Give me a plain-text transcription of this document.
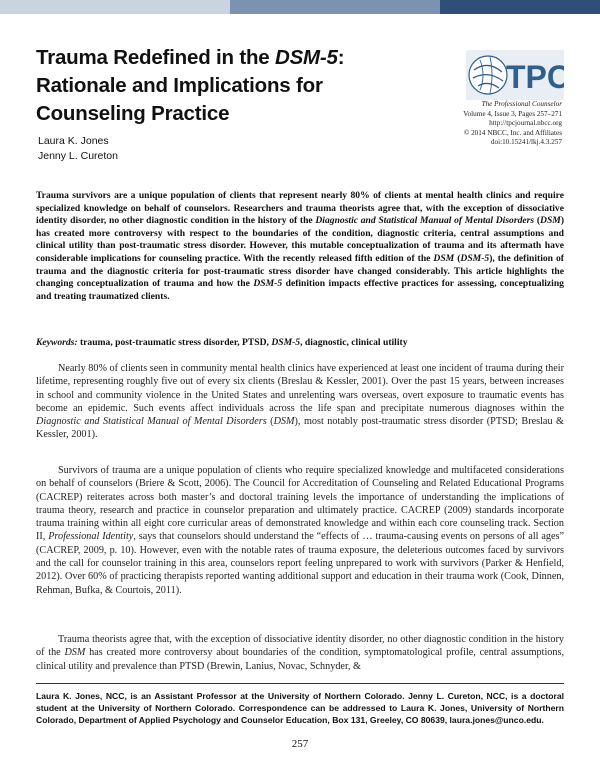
Trauma Redefined in the DSM-5: Rationale and Implications for Counseling Practice
TPC
The Professional Counselor
Volume 4, Issue 3, Pages 257–271
http://tpcjournal.nbcc.org
© 2014 NBCC, Inc. and Affiliates
doi:10.15241/lkj.4.3.257
Laura K. Jones
Jenny L. Cureton
Trauma survivors are a unique population of clients that represent nearly 80% of clients at mental health clinics and require specialized knowledge on behalf of counselors. Researchers and trauma theorists agree that, with the exception of dissociative identity disorder, no other diagnostic condition in the history of the Diagnostic and Statistical Manual of Mental Disorders (DSM) has created more controversy with respect to the boundaries of the condition, diagnostic criteria, central assumptions and clinical utility than post-traumatic stress disorder. However, this mutable conceptualization of trauma and its aftermath have considerable implications for counseling practice. With the recently released fifth edition of the DSM (DSM-5), the definition of trauma and the diagnostic criteria for post-traumatic stress disorder have changed considerably. This article highlights the changing conceptualization of trauma and how the DSM-5 definition impacts effective practices for assessing, conceptualizing and treating traumatized clients.
Keywords: trauma, post-traumatic stress disorder, PTSD, DSM-5, diagnostic, clinical utility

Nearly 80% of clients seen in community mental health clinics have experienced at least one incident of trauma during their lifetime, representing roughly five out of every six clients (Breslau & Kessler, 2001). Over the past 15 years, between increases in school and community violence in the United States and unrelenting wars overseas, overt exposure to traumatic events has become an epidemic. Such events affect individuals across the life span and precipitate numerous diagnoses within the Diagnostic and Statistical Manual of Mental Disorders (DSM), most notably post-traumatic stress disorder (PTSD; Breslau & Kessler, 2001).

Survivors of trauma are a unique population of clients who require specialized knowledge and multifaceted considerations on behalf of counselors (Briere & Scott, 2006). The Council for Accreditation of Counseling and Related Educational Programs (CACREP) reiterates across both master’s and doctoral training levels the importance of understanding the implications of trauma theory, research and practice in counselor preparation and ultimately practice. CACREP (2009) standards incorporate trauma training within all eight core curricular areas of demonstrated knowledge and within each core counseling track. Section II, Professional Identity, says that counselors should understand the “effects of … trauma-causing events on persons of all ages” (CACREP, 2009, p. 10). However, even with the notable rates of trauma exposure, the deleterious outcomes faced by survivors and the call for counselor training in this area, counselors report feeling unprepared to work with survivors (Parker & Henfield, 2012). Over 60% of practicing therapists reported wanting additional support and education in their trauma work (Cook, Dinnen, Rehman, Bufka, & Courtois, 2011).

Trauma theorists agree that, with the exception of dissociative identity disorder, no other diagnostic condition in the history of the DSM has created more controversy about boundaries of the condition, symptomatological profile, central assumptions, clinical utility and prevalence than PTSD (Brewin, Lanius, Novac, Schnyder, &

Laura K. Jones, NCC, is an Assistant Professor at the University of Northern Colorado. Jenny L. Cureton, NCC, is a doctoral student at the University of Northern Colorado. Correspondence can be addressed to Laura K. Jones, University of Northern Colorado, Department of Applied Psychology and Counselor Education, Box 131, Greeley, CO 80639, laura.jones@unco.edu.
257
